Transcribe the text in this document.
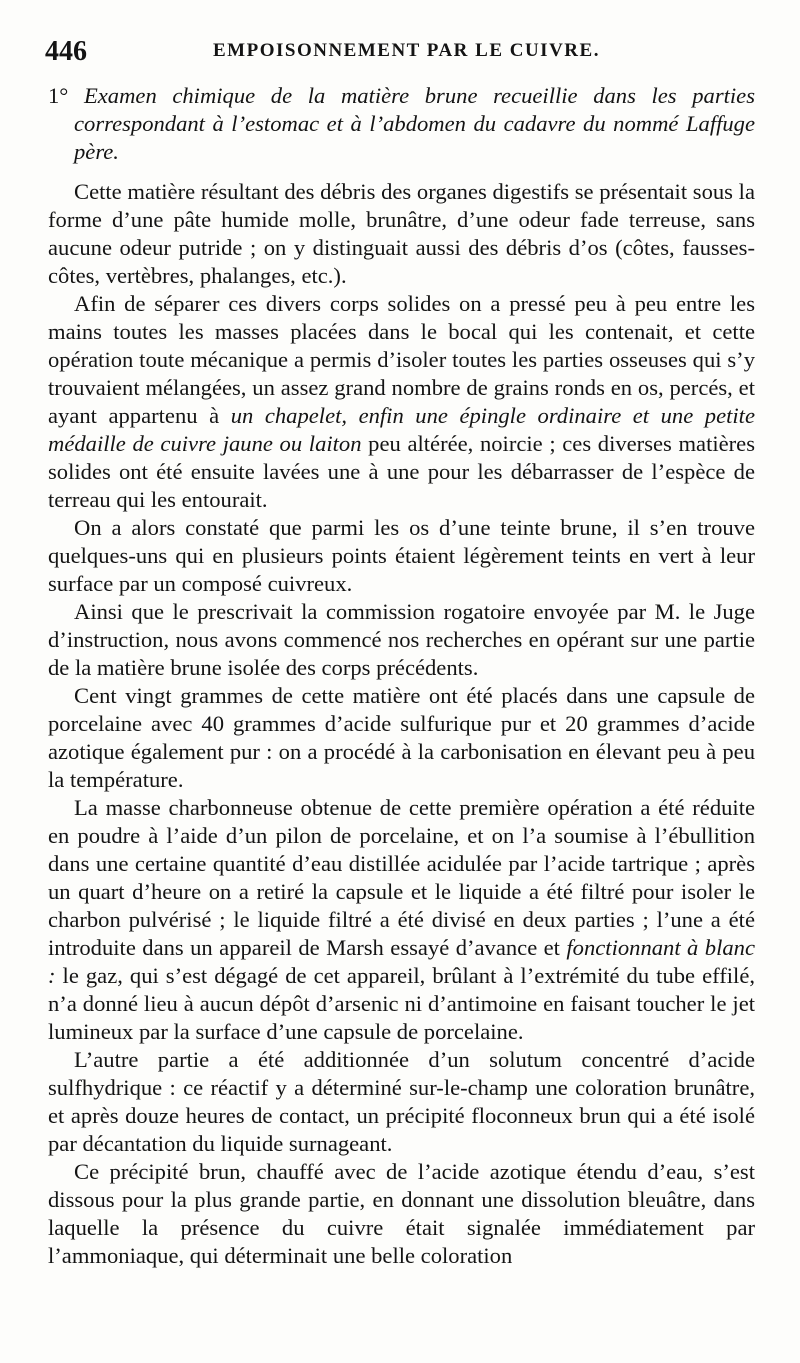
446	EMPOISONNEMENT PAR LE CUIVRE.

1° Examen chimique de la matière brune recueillie dans les parties correspondant à l’estomac et à l’abdomen du cadavre du nommé Laffuge père.

Cette matière résultant des débris des organes digestifs se présentait sous la forme d’une pâte humide molle, brunâtre, d’une odeur fade terreuse, sans aucune odeur putride ; on y distinguait aussi des débris d’os (côtes, fausses-côtes, vertèbres, phalanges, etc.).

Afin de séparer ces divers corps solides on a pressé peu à peu entre les mains toutes les masses placées dans le bocal qui les contenait, et cette opération toute mécanique a permis d’isoler toutes les parties osseuses qui s’y trouvaient mélangées, un assez grand nombre de grains ronds en os, percés, et ayant appartenu à un chapelet, enfin une épingle ordinaire et une petite médaille de cuivre jaune ou laiton peu altérée, noircie ; ces diverses matières solides ont été ensuite lavées une à une pour les débarrasser de l’espèce de terreau qui les entourait.

On a alors constaté que parmi les os d’une teinte brune, il s’en trouve quelques-uns qui en plusieurs points étaient légèrement teints en vert à leur surface par un composé cuivreux.

Ainsi que le prescrivait la commission rogatoire envoyée par M. le Juge d’instruction, nous avons commencé nos recherches en opérant sur une partie de la matière brune isolée des corps précédents.

Cent vingt grammes de cette matière ont été placés dans une capsule de porcelaine avec 40 grammes d’acide sulfurique pur et 20 grammes d’acide azotique également pur : on a procédé à la carbonisation en élevant peu à peu la température.

La masse charbonneuse obtenue de cette première opération a été réduite en poudre à l’aide d’un pilon de porcelaine, et on l’a soumise à l’ébullition dans une certaine quantité d’eau distillée acidulée par l’acide tartrique ; après un quart d’heure on a retiré la capsule et le liquide a été filtré pour isoler le charbon pulvérisé ; le liquide filtré a été divisé en deux parties ; l’une a été introduite dans un appareil de Marsh essayé d’avance et fonctionnant à blanc : le gaz, qui s’est dégagé de cet appareil, brûlant à l’extrémité du tube effilé, n’a donné lieu à aucun dépôt d’arsenic ni d’antimoine en faisant toucher le jet lumineux par la surface d’une capsule de porcelaine.

L’autre partie a été additionnée d’un solutum concentré d’acide sulfhydrique : ce réactif y a déterminé sur-le-champ une coloration brunâtre, et après douze heures de contact, un précipité floconneux brun qui a été isolé par décantation du liquide surnageant.

Ce précipité brun, chauffé avec de l’acide azotique étendu d’eau, s’est dissous pour la plus grande partie, en donnant une dissolution bleuâtre, dans laquelle la présence du cuivre était signalée immédiatement par l’ammoniaque, qui déterminait une belle coloration
